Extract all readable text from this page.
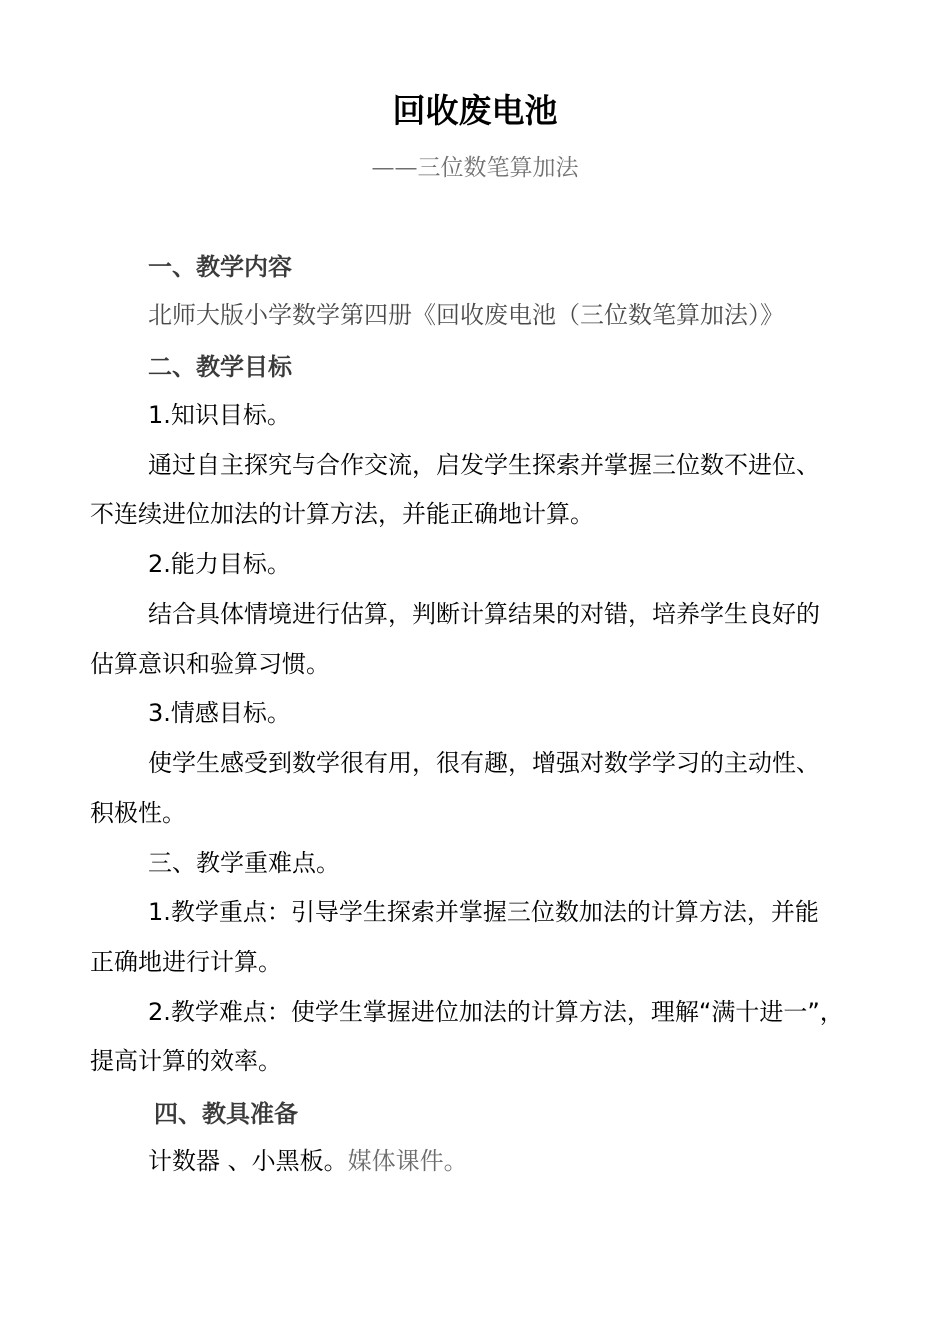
回收废电池

——三位数笔算加法

一、教学内容

北师大版小学数学第四册《回收废电池（三位数笔算加法）》

二、教学目标

1.知识目标。

通过自主探究与合作交流，启发学生探索并掌握三位数不进位、

不连续进位加法的计算方法，并能正确地计算。

2.能力目标。

结合具体情境进行估算，判断计算结果的对错，培养学生良好的

估算意识和验算习惯。

3.情感目标。

使学生感受到数学很有用，很有趣，增强对数学学习的主动性、

积极性。

三、教学重难点。

1.教学重点：引导学生探索并掌握三位数加法的计算方法，并能

正确地进行计算。

2.教学难点：使学生掌握进位加法的计算方法，理解“满十进一”，

提高计算的效率。

四、教具准备

计数器 、小黑板。媒体课件。
